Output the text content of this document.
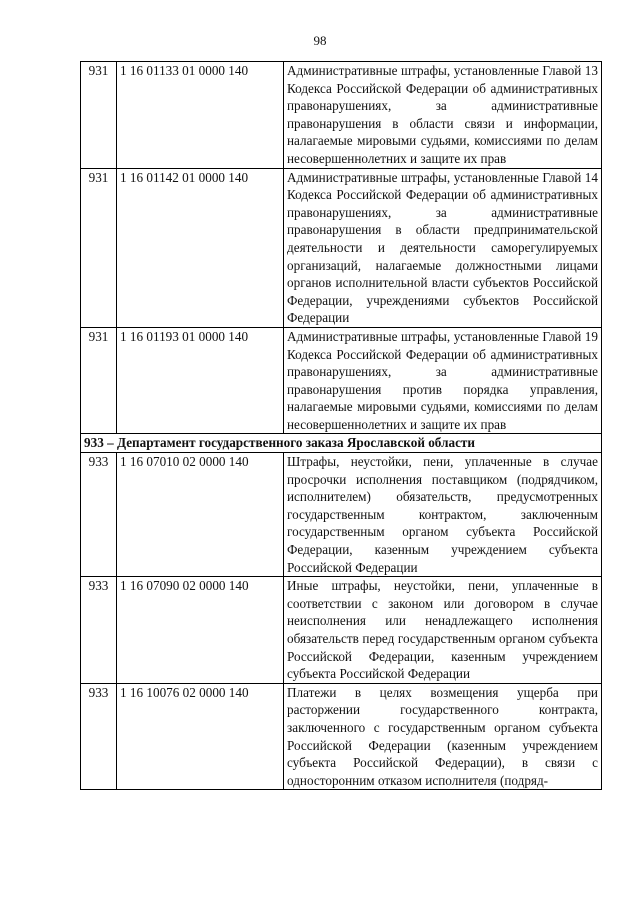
98
931	1 16 01133 01 0000 140	Административные штрафы, установленные Главой 13 Кодекса Российской Федерации об административных правонарушениях, за административные правонарушения в области связи и информации, налагаемые мировыми судьями, комиссиями по делам несовершеннолетних и защите их прав
931	1 16 01142 01 0000 140	Административные штрафы, установленные Главой 14 Кодекса Российской Федерации об административных правонарушениях, за административные правонарушения в области предпринимательской деятельности и деятельности саморегулируемых организаций, налагаемые должностными лицами органов исполнительной власти субъектов Российской Федерации, учреждениями субъектов Российской Федерации
931	1 16 01193 01 0000 140	Административные штрафы, установленные Главой 19 Кодекса Российской Федерации об административных правонарушениях, за административные правонарушения против порядка управления, налагаемые мировыми судьями, комиссиями по делам несовершеннолетних и защите их прав
933 – Департамент государственного заказа Ярославской области		
933	1 16 07010 02 0000 140	Штрафы, неустойки, пени, уплаченные в случае просрочки исполнения поставщиком (подрядчиком, исполнителем) обязательств, предусмотренных государственным контрактом, заключенным государственным органом субъекта Российской Федерации, казенным учреждением субъекта Российской Федерации
933	1 16 07090 02 0000 140	Иные штрафы, неустойки, пени, уплаченные в соответствии с законом или договором в случае неисполнения или ненадлежащего исполнения обязательств перед государственным органом субъекта Российской Федерации, казенным учреждением субъекта Российской Федерации
933	1 16 10076 02 0000 140	Платежи в целях возмещения ущерба при расторжении государственного контракта, заключенного с государственным органом субъекта Российской Федерации (казенным учреждением субъекта Российской Федерации), в связи с односторонним отказом исполнителя (подряд-
